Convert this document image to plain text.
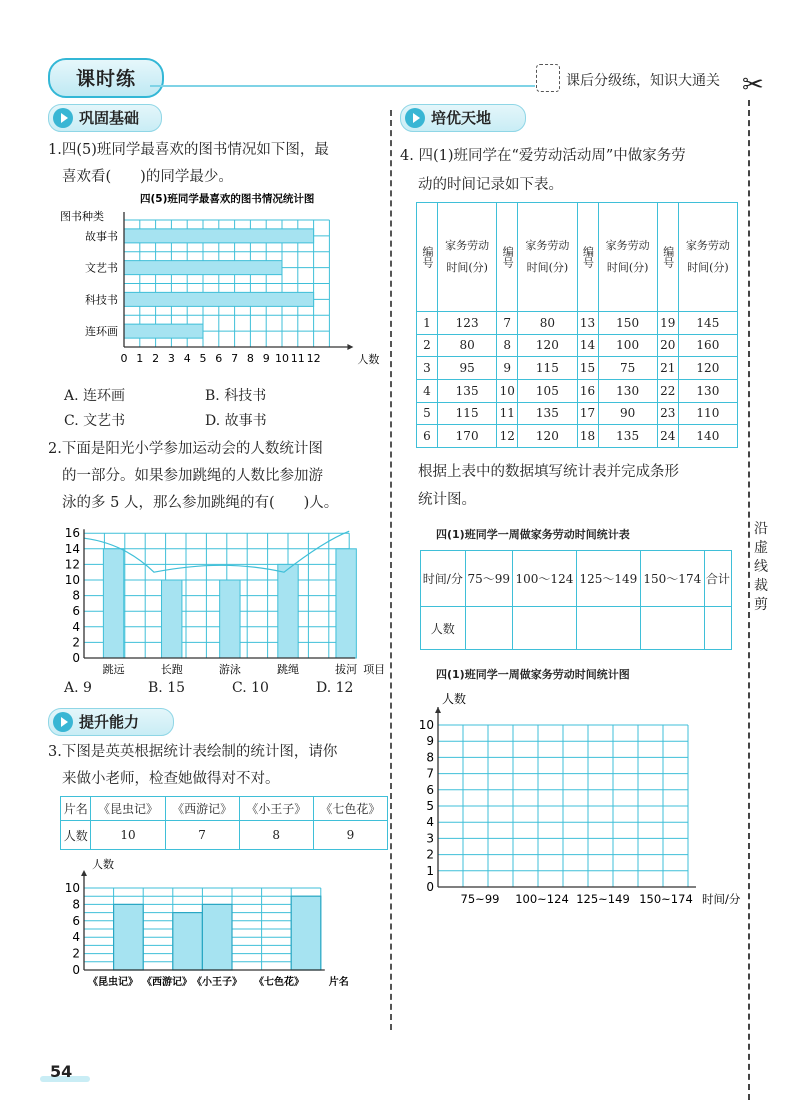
课时练	课后分级练，知识大通关 ✂
沿虚线裁剪
巩固基础
1.四(5)班同学最喜欢的图书情况如下图，最
喜欢看(　　)的同学最少。
四(5)班同学最喜欢的图书情况统计图
图书种类
故事书
文艺书
科技书
连环画
0 1 2 3 4 5 6 7 8 9 10 11 12	人数
A. 连环画	B. 科技书
C. 文艺书	D. 故事书
2.下面是阳光小学参加运动会的人数统计图
的一部分。如果参加跳绳的人数比参加游
泳的多 5 人，那么参加跳绳的有(　　)人。
跳远	长跑	游泳	跳绳	拔河
0
2
4
6
8
10
12
14
16
项目
A. 9	B. 15	C. 10	D. 12
提升能力
3.下图是英英根据统计表绘制的统计图，请你
来做小老师，检查她做得对不对。
片名	《昆虫记》	《西游记》	《小王子》	《七色花》
人数	10	7	8	9
人数
0
2
4
6
8
10
《昆虫记》 《西游记》 《小王子》 《七色花》 片名
培优天地
4. 四(1)班同学在“爱劳动活动周”中做家务劳
动的时间记录如下表。
编号	家务劳动时间(分)	编号	家务劳动时间(分)	编号	家务劳动时间(分)	编号	家务劳动时间(分)
1	123	7	80	13	150	19	145
2	80	8	120	14	100	20	160
3	95	9	115	15	75	21	120
4	135	10	105	16	130	22	130
5	115	11	135	17	90	23	110
6	170	12	120	18	135	24	140
根据上表中的数据填写统计表并完成条形
统计图。
四(1)班同学一周做家务劳动时间统计表
时间/分	75～99	100～124	125～149	150～174	合计
人数					
四(1)班同学一周做家务劳动时间统计图
人数
0
1
2
3
4
5
6
7
8
9
10
75~99 100~124 125~149 150~174 时间/分
54
